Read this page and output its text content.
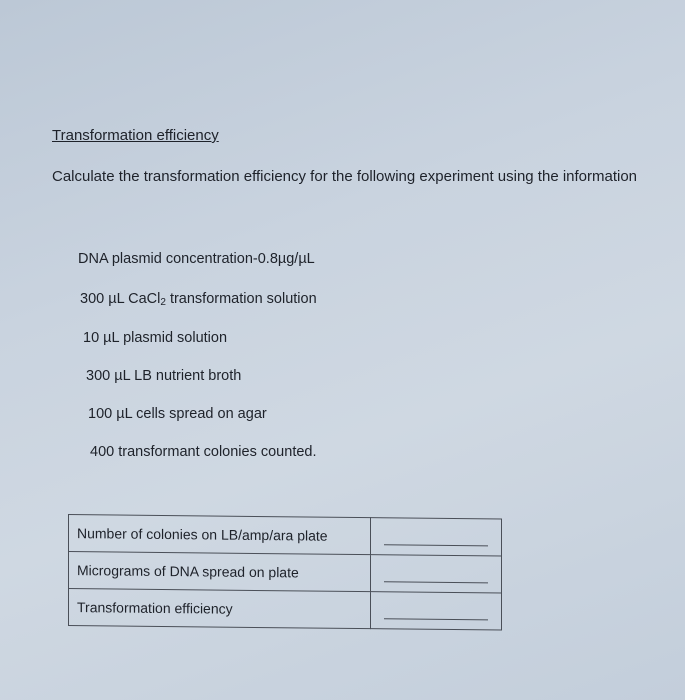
Transformation efficiency
Calculate the transformation efficiency for the following experiment using the information
DNA plasmid concentration-0.8µg/µL
300 µL CaCl$_2$ transformation solution
10 µL plasmid solution
300 µL LB nutrient broth
100 µL cells spread on agar
400 transformant colonies counted.
Number of colonies on LB/amp/ara plate	

Micrograms of DNA spread on plate	

Transformation efficiency	
